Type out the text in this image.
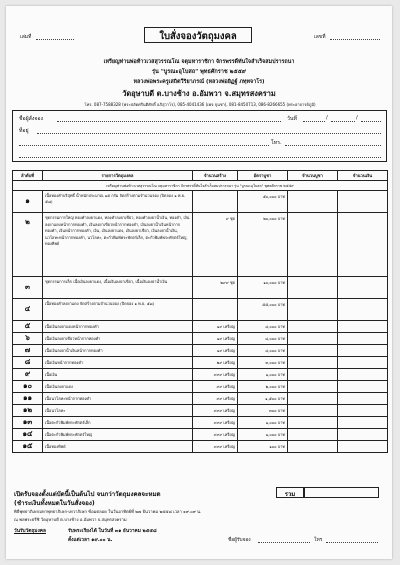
เล่มที่	ใบสั่งจองวัตถุมงคล	เลขที่
เหรียญท่านพ่อท้าวเวสสุวรรณโณ จตุมหาราชิกา จักรพรรดิ์ทันใจสำเร็จสมปรารถนา
รุ่น "บูรณะอุโบสถ" พุทธศักราช ๒๕๕๙
หลวงพ่อพระครูเสถิตวีริยาภรณ์ (หลวงพ่อยิฏฐ์ ภทฺทจาโร)
วัดอุษาบดี ต.บางช้าง อ.อัมพวา จ.สมุทรสงคราม
โทร. 087-7588328 (พระปลัดศรีนติศักดิ์ อภิสุวาโร), 085-4041436 (เพจ จุนชา), 081-8450713, 086-8266655 (พระอาจารย์ภูมิ)
ชื่อผู้สั่งจอง	วันที่	/	/
ที่อยู่
โทร.
ลำดับที่	รายการวัตถุมงคล	จำนวนสร้าง	อัตราบูชา	จำนวนบูชา	จำนวนเงิน
เหรียญท่านพ่อท้าวเวสสุวรรณโณ จตุมหาราชิกา จักรพรรดิ์ทันใจสำเร็จสมปรารถนา รุ่น "บูรณะอุโบสถ" พุทธศักราช ๒๕๕๙					
๑	เนื้อทองคำบริสุทธิ์ น้ำหนักประมาณ ๑๕ กรัม จัดสร้างตามจำนวนจอง (ปิดจอง ๑ พ.ย. ๕๘)		๕๐,๐๐๐ บาท		
๒	ชุดกรรมการใหญ่ ทองคำลงยาแดง, ทองคำลงยาเขียว, ทองคำลงยาน้ำเงิน, ทองคำ, เงินลงยาแดงหน้ากากทองคำ, เงินลงยาเขียวหน้ากากทองคำ, เงินลงยาน้ำเงินหน้ากากทองคำ, เงินหน้ากากทองคำ, เงิน, เงินลงยาแดง, เงินลงยาเขียว, เงินลงยาน้ำเงิน, นวโลหะหน้ากากทองคำ, นวโลหะ, ตะกั่วพิมพ์พระพักตร์เล็ก, ตะกั่วพิมพ์พระพักตร์ใหญ่, ทองทิพย์	๙ ชุด	๒๐,๐๐๐ บาท		
๓	ชุดกรรมการเล็ก เนื้อเงินลงยาแดง, เนื้อเงินลงยาเขียว, เนื้อเงินลงยาน้ำเงิน	๒๙๙ ชุด	๑๐,๐๐๐ บาท		
๔	เนื้อทองคำลงยาแดง จัดสร้างตามจำนวนจอง (ปิดจอง ๑ พ.ย. ๕๘)		๕๕,๐๐๐ บาท		
๕	เนื้อเงินลงยาแดงหน้ากากทองคำ	๑๙ เหรียญ	๔,๐๐๐ บาท		
๖	เนื้อเงินลงยาเขียวหน้ากากทองคำ	๑๙ เหรียญ	๔,๐๐๐ บาท		
๗	เนื้อเงินลงยาน้ำเงินหน้ากากทองคำ	๑๙ เหรียญ	๔,๐๐๐ บาท		
๘	เนื้อเงินหน้ากากทองคำ	๒๙ เหรียญ	๓,๐๐๐ บาท		
๙	เนื้อเงิน	๙๙๙ เหรียญ	๑,๐๐๐ บาท		
๑๐	เนื้อเงินลงยาแดง	๙๙ เหรียญ	๒,๐๐๐ บาท		
๑๑	เนื้อนวโลหะหน้ากากทองคำ	๙๙ เหรียญ	๑,๕๐๐ บาท		
๑๒	เนื้อนวโลหะ	๙๙๙ เหรียญ	๓๐๐ บาท		
๑๓	เนื้อตะกั่วพิมพ์พระพักตร์เล็ก	๙๙๙ เหรียญ	๑,๐๐๐ บาท		
๑๔	เนื้อตะกั่วพิมพ์พระพักตร์ใหญ่	๙๙๙ เหรียญ	๑,๐๐๐ บาท		
๑๕	เนื้อทองทิพย์	๙๙๙ เหรียญ	๑๐๐ บาท		
เปิดรับจองตั้งแต่บัดนี้เป็นต้นไป จนกว่าวัตถุมงคลจะหมด
(ชำระเงินทั้งหมดในวันสั่งจอง)
รวม
พิธีพุทธาภิเษกมหาพุทธาภิเษก-เทวาภิเษก ซ้อมตลอด ในวันอาทิตย์ที่ ๒๗ ธันวาคม ๒๕๕๘ เวลา ๑๙.๐๙ น.
ณ พลพระธรีชิ วัดอุษาบดี ต.บางช้าง อ.อัมพวา จ.สมุทรสงคราม
วันรับวัตถุมงคล	รับพระเรียงได้ ในวันที่ ๓๑ ธันวาคม ๒๕๕๘
ตั้งแต่เวลา ๑๙.๐๐ น.	ชื่อผู้รับจอง	โทร
